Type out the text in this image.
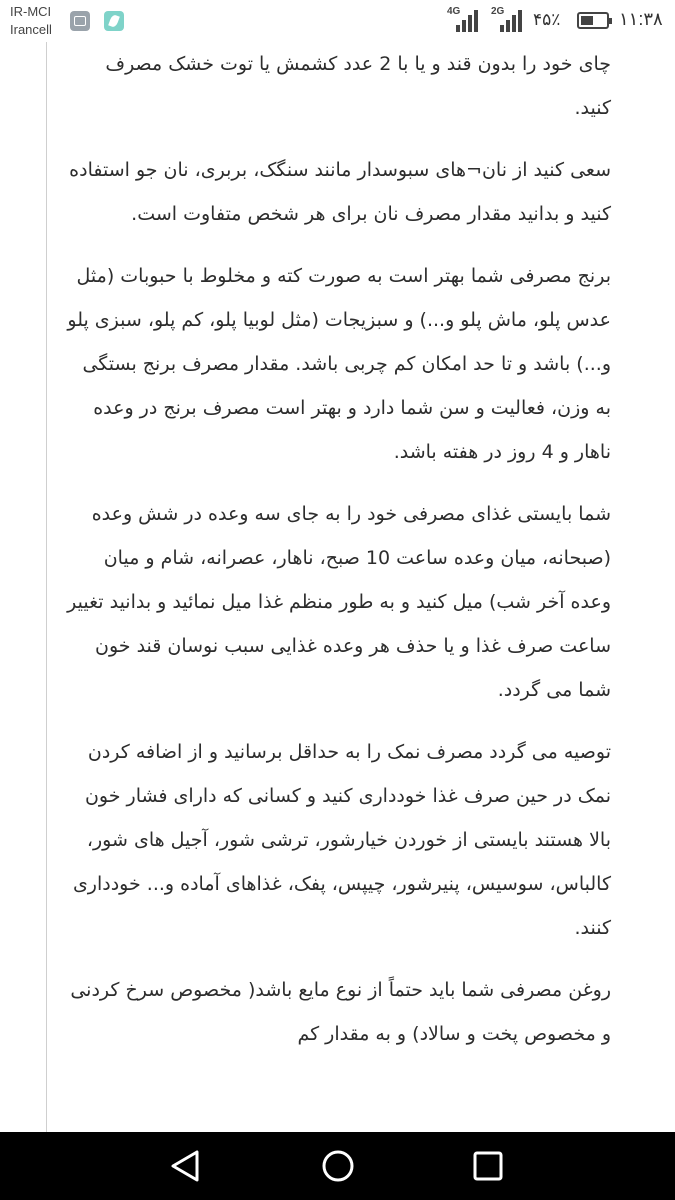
IR-MCI
Irancell
4G	2G ۴۵٪	۱۱:۳۸

چای خود را بدون قند و یا با 2 عدد کشمش یا توت خشک مصرف کنید.

سعی کنید از نان¬های سبوسدار مانند سنگک، بربری، نان جو استفاده کنید و بدانید مقدار مصرف نان برای هر شخص متفاوت است.

برنج مصرفی شما بهتر است به صورت کته و مخلوط با حبوبات (مثل عدس پلو، ماش پلو و...) و سبزیجات (مثل لوبیا پلو، کم پلو، سبزی پلو و...) باشد و تا حد امکان کم چربی باشد. مقدار مصرف برنج بستگی به وزن، فعالیت و سن شما دارد و بهتر است مصرف برنج در وعده ناهار و 4 روز در هفته باشد.

شما بایستی غذای مصرفی خود را به جای سه وعده در شش وعده (صبحانه، میان وعده ساعت 10 صبح، ناهار، عصرانه، شام و میان وعده آخر شب) میل کنید و به طور منظم غذا میل نمائید و بدانید تغییر ساعت صرف غذا و یا حذف هر وعده غذایی سبب نوسان قند خون شما می گردد.

توصیه می گردد مصرف نمک را به حداقل برسانید و از اضافه کردن نمک در حین صرف غذا خودداری کنید و کسانی که دارای فشار خون بالا هستند بایستی از خوردن خیارشور، ترشی شور، آجیل های شور، کالباس، سوسیس، پنیرشور، چیپس، پفک، غذاهای آماده و... خودداری کنند.

روغن مصرفی شما باید حتماً از نوع مایع باشد( مخصوص سرخ کردنی و مخصوص پخت و سالاد) و به مقدار کم
